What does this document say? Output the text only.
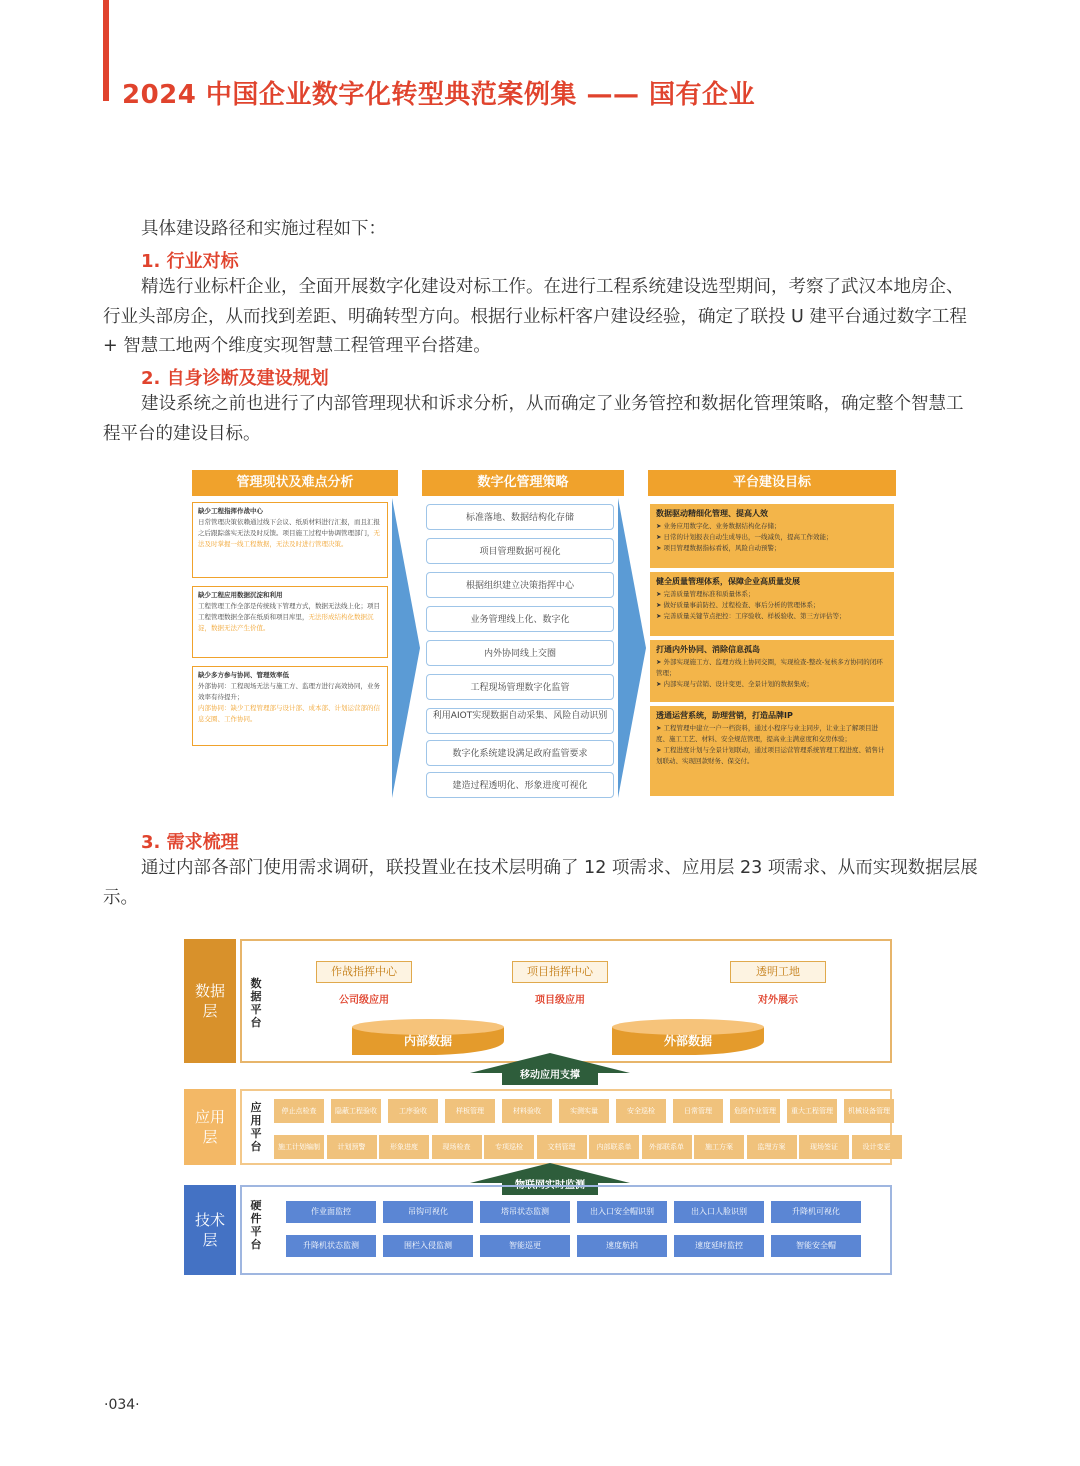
2024 中国企业数字化转型典范案例集 —— 国有企业
具体建设路径和实施过程如下：
1. 行业对标
精选行业标杆企业，全面开展数字化建设对标工作。在进行工程系统建设选型期间，考察了武汉本地房企、行业头部房企，从而找到差距、明确转型方向。根据行业标杆客户建设经验，确定了联投 U 建平台通过数字工程 + 智慧工地两个维度实现智慧工程管理平台搭建。
2. 自身诊断及建设规划
建设系统之前也进行了内部管理现状和诉求分析，从而确定了业务管控和数据化管理策略，确定整个智慧工程平台的建设目标。
管理现状及难点分析	数字化管理策略	平台建设目标
缺少工程指挥作战中心
日常管理决策依赖通过线下会议、纸质材料进行汇报，而且汇报之后跟踪落实无法及时反馈。项目施工过程中协调管理部门，无法及时掌握一线工程数据，无法及时进行管理决策。
缺少工程应用数据沉淀和利用
工程管理工作全部是传统线下管理方式，数据无法线上化；项目工程管理数据全部在纸质和项目库里，无法形成结构化数据沉淀，数据无法产生价值。
缺少多方参与协同、管理效率低
外部协同：工程现场无法与施工方、监理方进行高效协同，业务效率有待提升；
内部协同：缺少工程管理部与设计部、成本部、计划运营部的信息交圈、工作协同。
标准落地、数据结构化存储
项目管理数据可视化
根据组织建立决策指挥中心
业务管理线上化、数字化
内外协同线上交圈
工程现场管理数字化监管
利用AIOT实现数据自动采集、风险自动识别
数字化系统建设满足政府监管要求
建造过程透明化、形象进度可视化
数据驱动精细化管理、提高人效
➤ 业务应用数字化、业务数据结构化存储；
➤ 日常的计划报表自动生成导出，一线减负，提高工作效能；
➤ 项目管理数据指标看板，风险自动预警；
健全质量管理体系，保障企业高质量发展
➤ 完善质量管理标准和质量体系；
➤ 做好质量事前防控、过程检查、事后分析的管理体系；
➤ 完善质量关键节点把控：工序验收、样板验收、第三方评估等；
打通内外协同、消除信息孤岛
➤ 外部实现施工方、监理方线上协同交圈，实现检查-整改-复核多方协同的闭环管理；
➤ 内部实现与营销、设计变更、全景计划的数据集成；
透通运营系统，助理营销，打造品牌IP
➤ 工程管理中建立一户一档资料，通过小程序与业主同步，让业主了解项目进度、施工工艺、材料、安全规范管理，提高业主满意度和交房体验；
➤ 工程进度计划与全景计划联动，通过项目运营管理系统管理工程进度、销售计划联动、实现回款财务、保交付。
3. 需求梳理
通过内部各部门使用需求调研，联投置业在技术层明确了 12 项需求、应用层 23 项需求、从而实现数据层展示。
数据层
数据平台
作战指挥中心
公司级应用
项目指挥中心
项目级应用
透明工地
对外展示
内部数据	外部数据
移动应用支撑
应用层
应用平台
停止点检查	隐蔽工程验收	工序验收	样板管理	材料验收	实测实量	安全巡检	日常管理	危险作业管理	重大工程管理	机械设备管理
施工计划编制	计划预警	形象进度	现场检查	专项巡检	文档管理	内部联系单	外部联系单	施工方案	监理方案	现场签证	设计变更
物联网实时监测
技术层
硬件平台
作业面监控	吊钩可视化	塔吊状态监测	出入口安全帽识别	出入口人脸识别	升降机可视化
升降机状态监测	围栏入侵监测	智能巡更	速度航拍	速度延时监控	智能安全帽
·034·
